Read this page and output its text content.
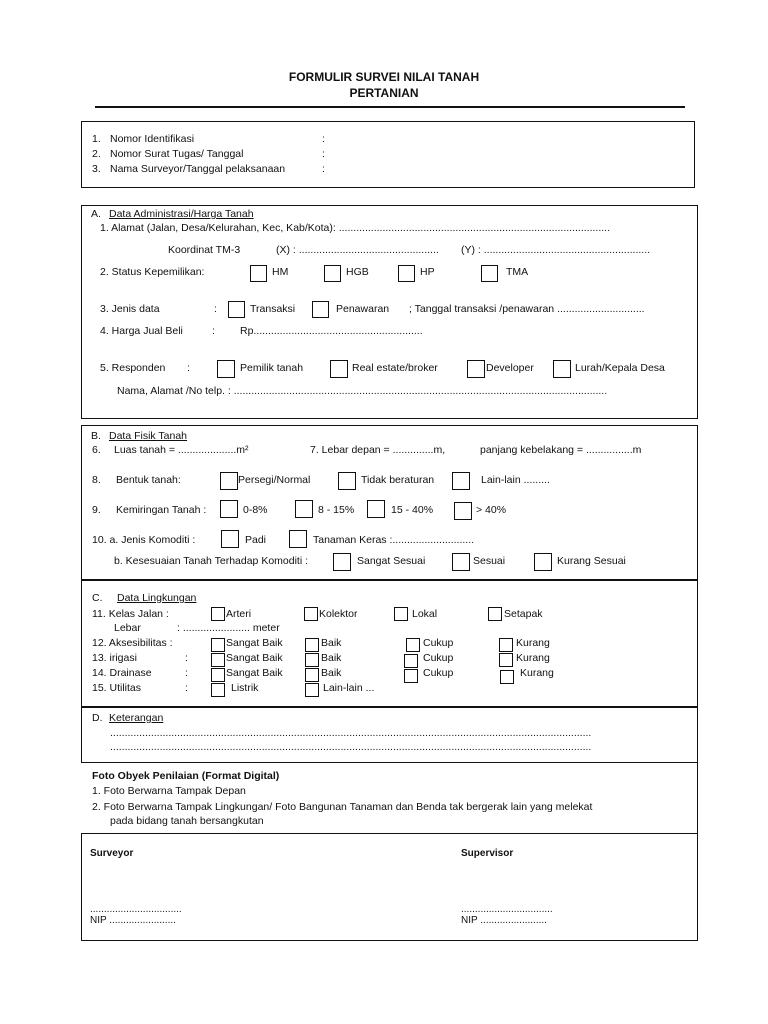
FORMULIR SURVEI NILAI TANAH
PERTANIAN
1. Nomor Identifikasi	:
2. Nomor Surat Tugas/ Tanggal	:
3. Nama Surveyor/Tanggal pelaksanaan	:
A. Data Administrasi/Harga Tanah
1. Alamat (Jalan, Desa/Kelurahan, Kec, Kab/Kota): .............................................................................................
Koordinat TM-3	(X) : ................................................ (Y) : .........................................................
2. Status Kepemilikan:	HM	HGB	HP	TMA
3. Jenis data	:	Transaksi	Penawaran ; Tanggal transaksi /penawaran ..............................
4. Harga Jual Beli	: Rp..........................................................
5. Responden :	Pemilik tanah	Real estate/broker	Developer	Lurah/Kepala Desa
Nama, Alamat /No telp. : ................................................................................................................................
B. Data Fisik Tanah
6. Luas tanah = ....................m²	7. Lebar depan = ..............m,	panjang kebelakang = ................m
8. Bentuk tanah:	Persegi/Normal	Tidak beraturan	Lain-lain .........
9. Kemiringan Tanah :	0-8%	8 - 15%	15 - 40%	> 40%
10. a. Jenis Komoditi :	Padi	Tanaman Keras :............................
b. Kesesuaian Tanah Terhadap Komoditi :	Sangat Sesuai	Sesuai	Kurang Sesuai
C. Data Lingkungan
11. Kelas Jalan :	Arteri	Kolektor	Lokal	Setapak
Lebar	: ....................... meter
12. Aksesibilitas :	Sangat Baik	Baik	Cukup	Kurang
13. irigasi	:	Sangat Baik	Baik	Cukup	Kurang
14. Drainase	:	Sangat Baik	Baik	Cukup	Kurang
15. Utilitas	:	Listrik	Lain-lain ...
D. Keterangan
.....................................................................................................................................................................
.....................................................................................................................................................................
Foto Obyek Penilaian (Format Digital)
1. Foto Berwarna Tampak Depan
2. Foto Berwarna Tampak Lingkungan/ Foto Bangunan Tanaman dan Benda tak bergerak lain yang melekat
pada bidang tanah bersangkutan
Surveyor	Supervisor
.................................
NIP ........................
.................................
NIP ........................
